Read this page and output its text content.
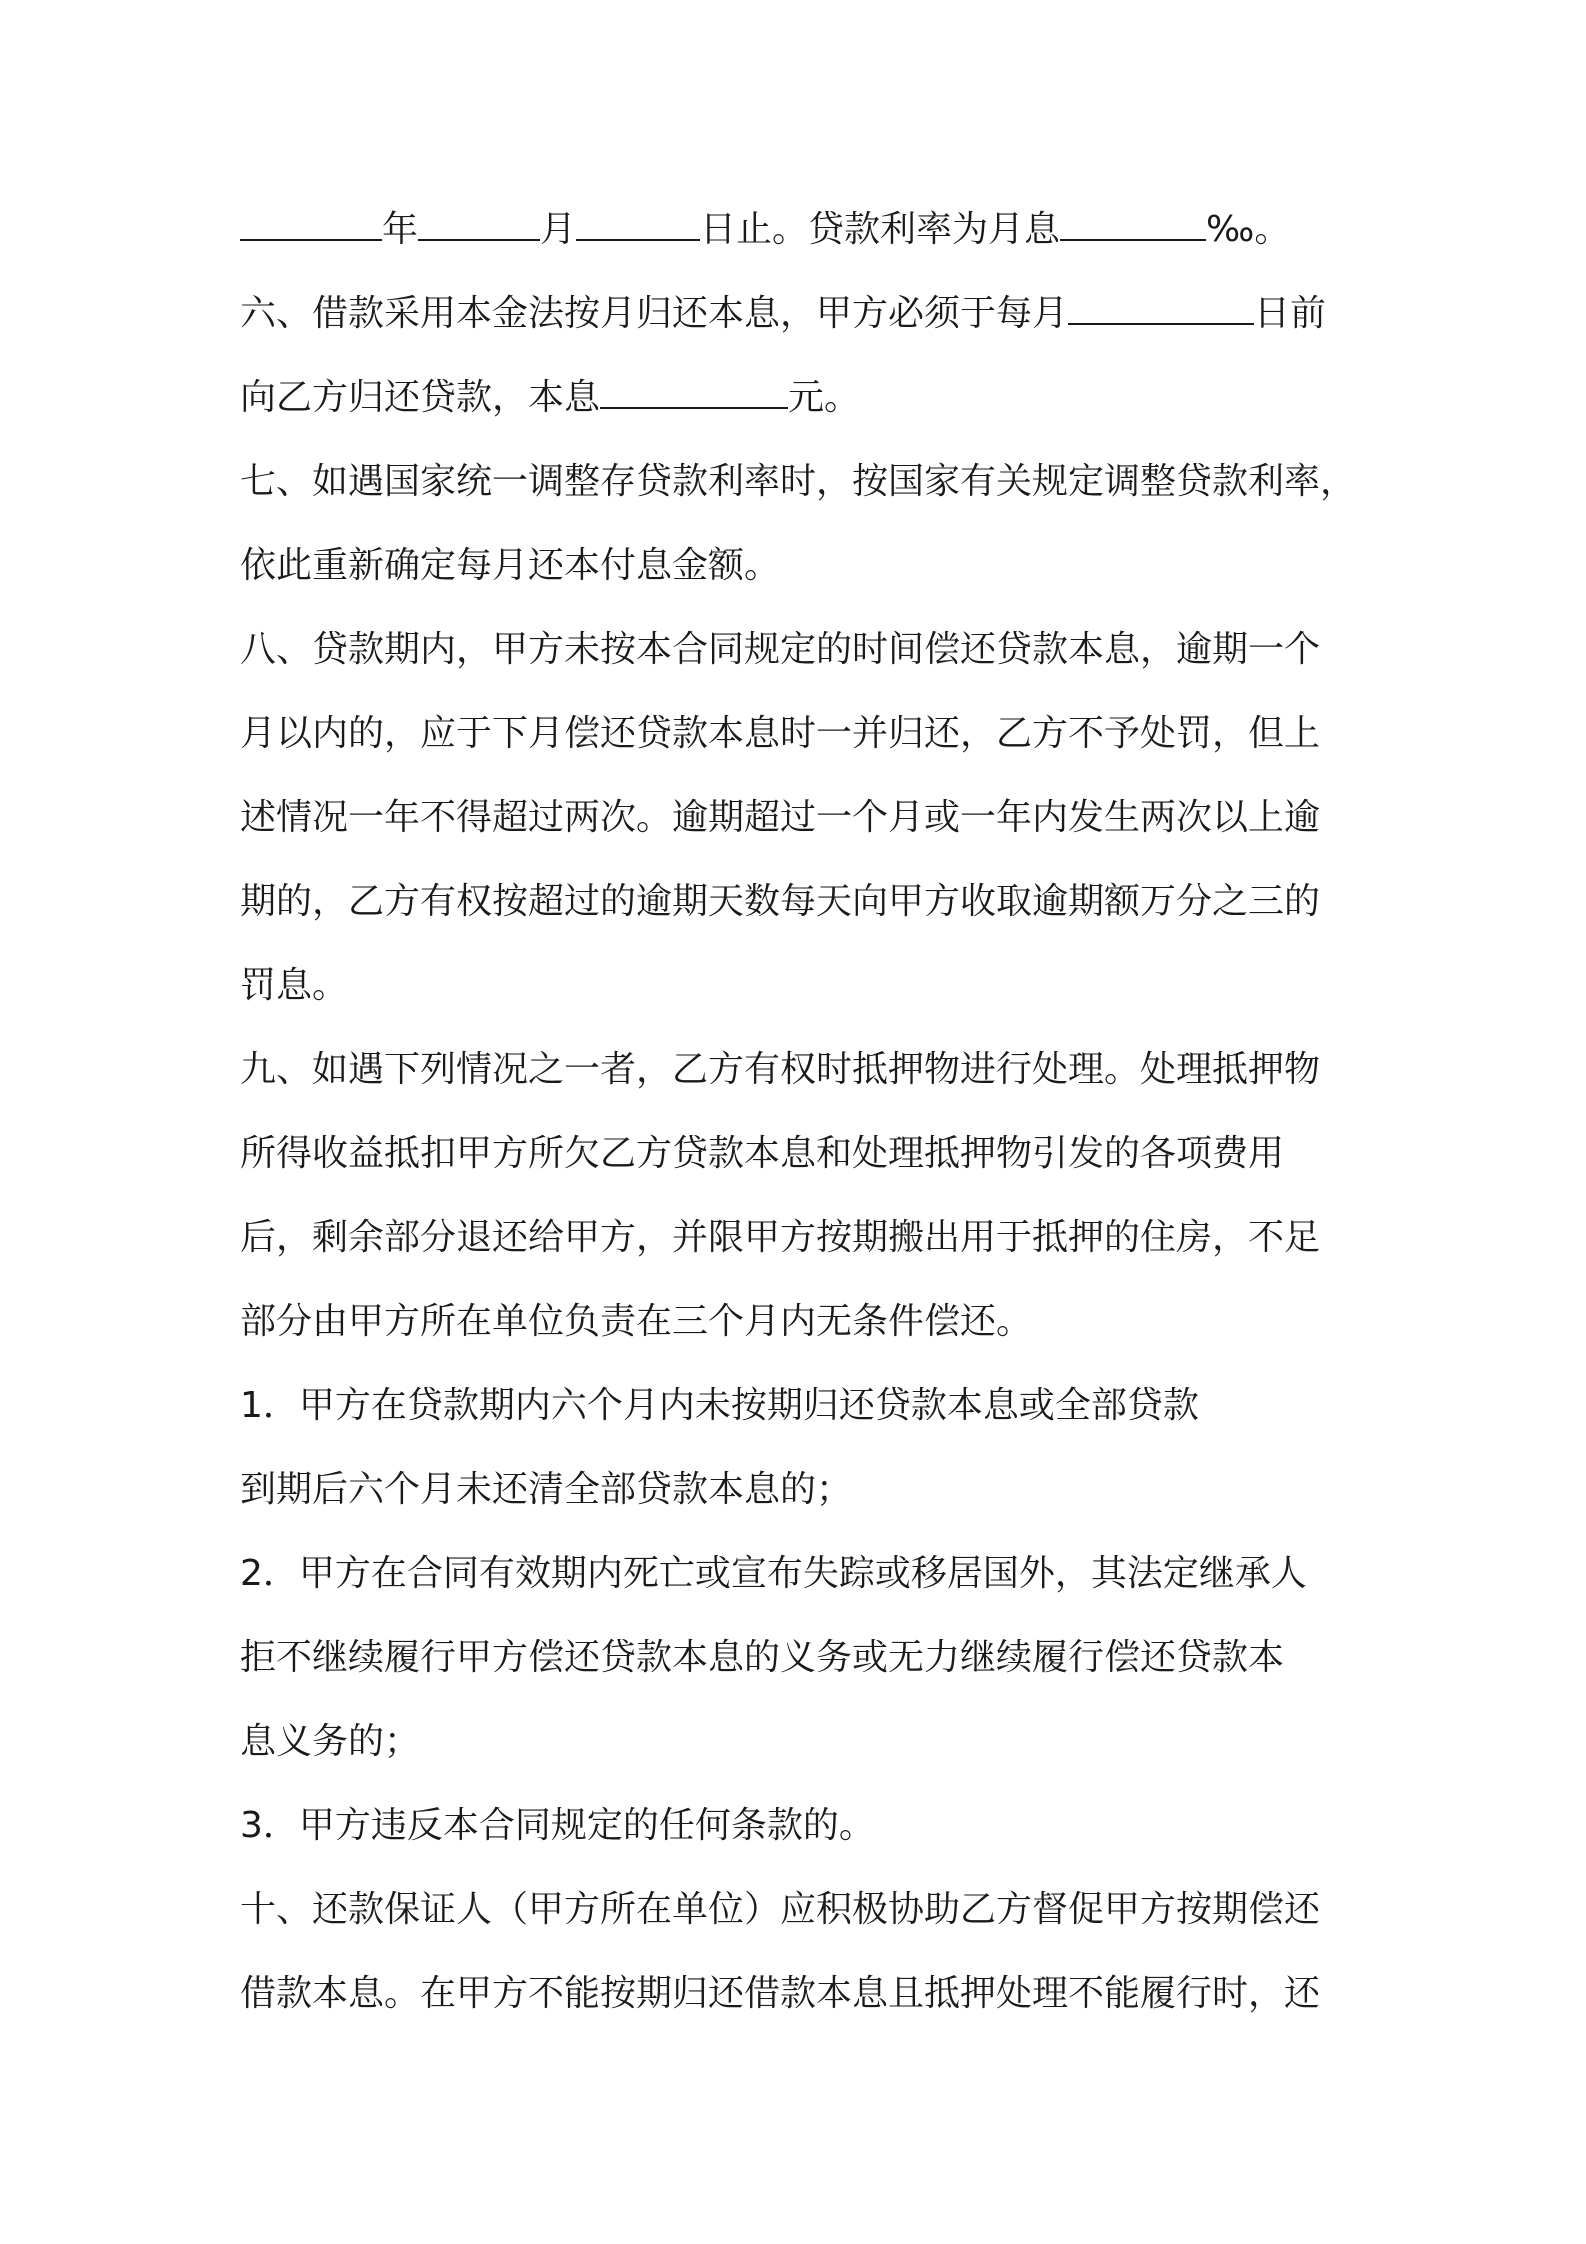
年	月	日止。贷款利率为月息	‰。
六、借款采用本金法按月归还本息，甲方必须于每月	日前
向乙方归还贷款，本息	元。
七、如遇国家统一调整存贷款利率时，按国家有关规定调整贷款利率，
依此重新确定每月还本付息金额。
八、贷款期内，甲方未按本合同规定的时间偿还贷款本息，逾期一个
月以内的，应于下月偿还贷款本息时一并归还，乙方不予处罚，但上
述情况一年不得超过两次。逾期超过一个月或一年内发生两次以上逾
期的，乙方有权按超过的逾期天数每天向甲方收取逾期额万分之三的
罚息。
九、如遇下列情况之一者，乙方有权时抵押物进行处理。处理抵押物
所得收益抵扣甲方所欠乙方贷款本息和处理抵押物引发的各项费用
后，剩余部分退还给甲方，并限甲方按期搬出用于抵押的住房，不足
部分由甲方所在单位负责在三个月内无条件偿还。
1．甲方在贷款期内六个月内未按期归还贷款本息或全部贷款
到期后六个月未还清全部贷款本息的；
2．甲方在合同有效期内死亡或宣布失踪或移居国外，其法定继承人
拒不继续履行甲方偿还贷款本息的义务或无力继续履行偿还贷款本
息义务的；
3．甲方违反本合同规定的任何条款的。
十、还款保证人（甲方所在单位）应积极协助乙方督促甲方按期偿还
借款本息。在甲方不能按期归还借款本息且抵押处理不能履行时，还
